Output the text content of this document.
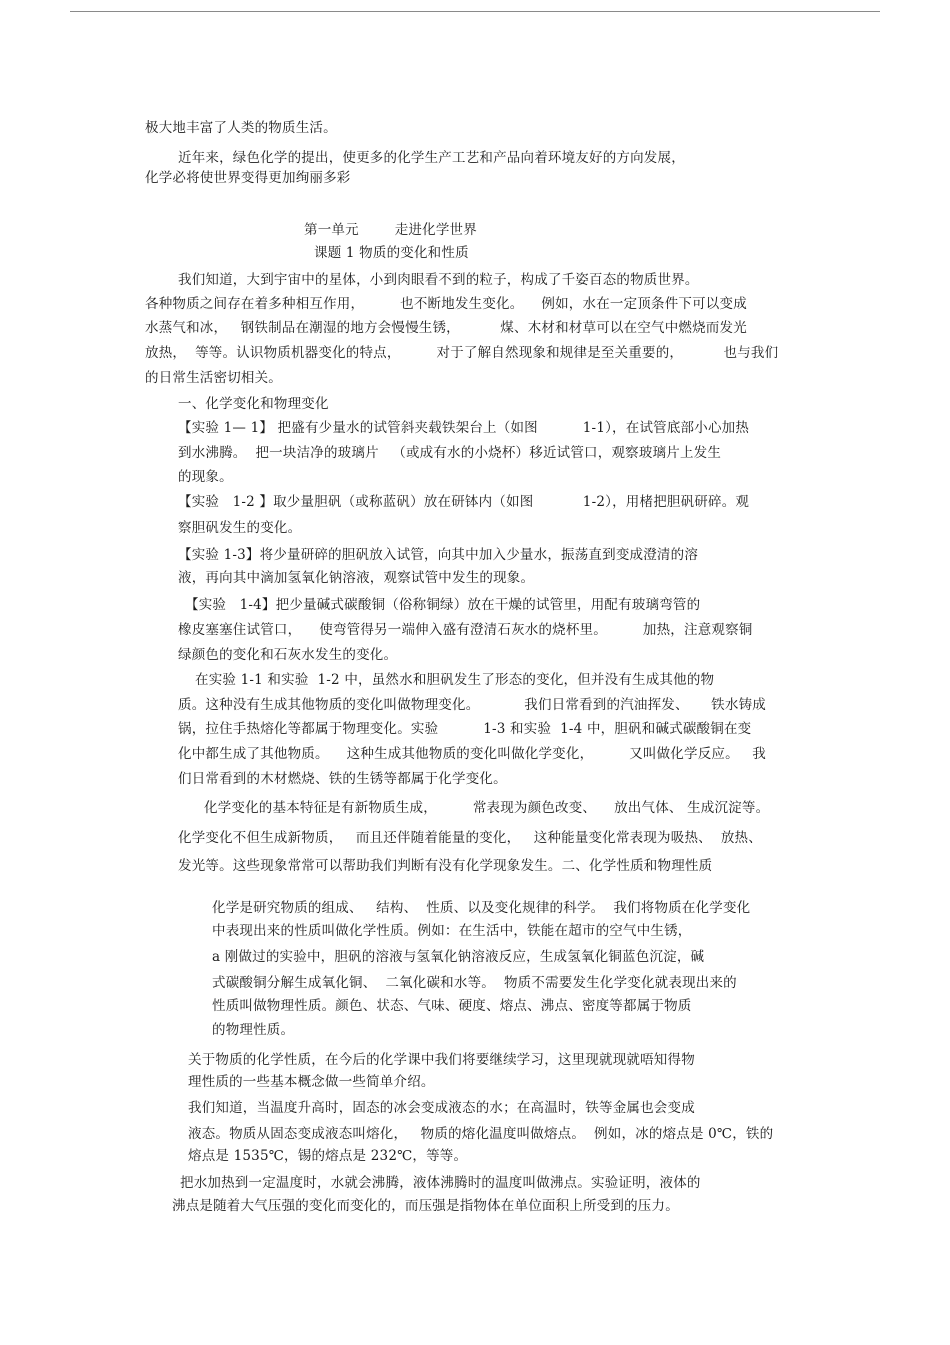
极大地丰富了人类的物质生活。
近年来，绿色化学的提出，使更多的化学生产工艺和产品向着环境友好的方向发展，
化学必将使世界变得更加绚丽多彩
第一单元        走进化学世界
课题 1 物质的变化和性质
我们知道，大到宇宙中的星体，小到肉眼看不到的粒子，构成了千姿百态的物质世界。
各种物质之间存在着多种相互作用，        也不断地发生变化。    例如，水在一定顶条件下可以变成
水蒸气和冰，   钢铁制品在潮湿的地方会慢慢生锈，         煤、木材和材草可以在空气中燃烧而发光
放热，  等等。认识物质机器变化的特点，        对于了解自然现象和规律是至关重要的，         也与我们
的日常生活密切相关。
一、化学变化和物理变化
【实验 1— 1】 把盛有少量水的试管斜夹载铁架台上（如图          1-1），在试管底部小心加热
到水沸腾。  把一块洁净的玻璃片   （或成有水的小烧杯）移近试管口，观察玻璃片上发生
的现象。
【实验   1-2 】取少量胆矾（或称蓝矾）放在研钵内（如图           1-2），用楮把胆矾研碎。观
察胆矾发生的变化。
【实验 1-3】将少量研碎的胆矾放入试管，向其中加入少量水，振荡直到变成澄清的溶
液，再向其中滴加氢氧化钠溶液，观察试管中发生的现象。
【实验   1-4】把少量碱式碳酸铜（俗称铜绿）放在干燥的试管里，用配有玻璃弯管的
橡皮塞塞住试管口，    使弯管得另一端伸入盛有澄清石灰水的烧杯里。        加热，注意观察铜
绿颜色的变化和石灰水发生的变化。
在实验 1-1 和实验  1-2 中，虽然水和胆矾发生了形态的变化，但并没有生成其他的物
质。这种没有生成其他物质的变化叫做物理变化。          我们日常看到的汽油挥发、     铁水铸成
锅，拉住手热熔化等都属于物理变化。实验          1-3 和实验  1-4 中，胆矾和碱式碳酸铜在变
化中都生成了其他物质。    这种生成其他物质的变化叫做化学变化，        又叫做化学反应。   我
们日常看到的木材燃烧、铁的生锈等都属于化学变化。
化学变化的基本特征是有新物质生成，        常表现为颜色改变、    放出气体、 生成沉淀等。
化学变化不但生成新物质，   而且还伴随着能量的变化，   这种能量变化常表现为吸热、  放热、
发光等。这些现象常常可以帮助我们判断有没有化学现象发生。二、化学性质和物理性质
化学是研究物质的组成、   结构、  性质、以及变化规律的科学。  我们将物质在化学变化
中表现出来的性质叫做化学性质。例如：在生活中，铁能在超市的空气中生锈，
a 刚做过的实验中，胆矾的溶液与氢氧化钠溶液反应，生成氢氧化铜蓝色沉淀，碱
式碳酸铜分解生成氧化铜、  二氧化碳和水等。  物质不需要发生化学变化就表现出来的
性质叫做物理性质。颜色、状态、气味、硬度、熔点、沸点、密度等都属于物质
的物理性质。
关于物质的化学性质，在今后的化学课中我们将要继续学习，这里现就现就唔知得物
理性质的一些基本概念做一些简单介绍。
我们知道，当温度升高时，固态的冰会变成液态的水；在高温时，铁等金属也会变成
液态。物质从固态变成液态叫熔化，   物质的熔化温度叫做熔点。  例如，冰的熔点是 0℃，铁的
熔点是 1535℃，锡的熔点是 232℃，等等。
把水加热到一定温度时，水就会沸腾，液体沸腾时的温度叫做沸点。实验证明，液体的
沸点是随着大气压强的变化而变化的，而压强是指物体在单位面积上所受到的压力。
